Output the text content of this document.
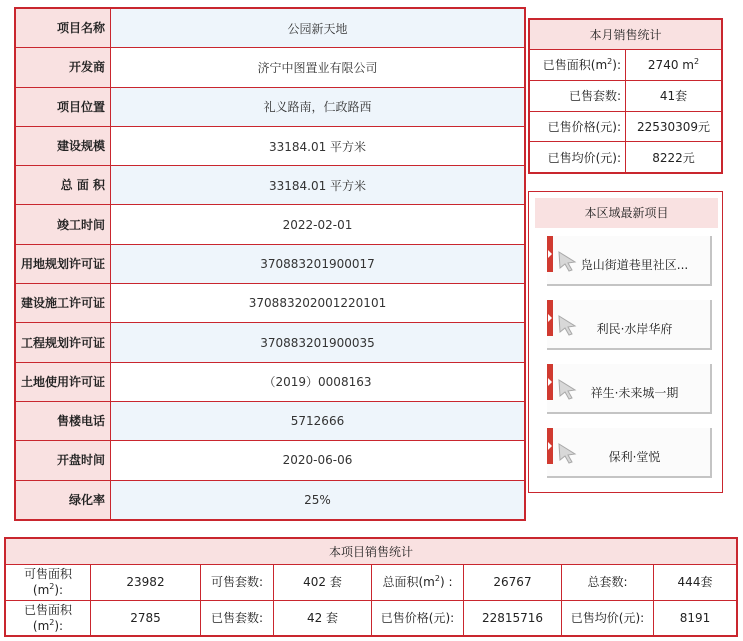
项目名称	公园新天地
开发商	济宁中图置业有限公司
项目位置	礼义路南，仁政路西
建设规模	33184.01 平方米
总 面 积	33184.01 平方米
竣工时间	2022-02-01
用地规划许可证	370883201900017
建设施工许可证	370883202001220101
工程规划许可证	370883201900035
土地使用许可证	（2019）0008163
售楼电话	5712666
开盘时间	2020-06-06
绿化率	25%
本月销售统计	
已售面积$(m^2)$:	2740 $m^2$
已售套数:	41套
已售价格(元):	22530309元
已售均价(元):	8222元
本区域最新项目
凫山街道巷里社区...
利民·水岸华府
祥生·未来城一期
保利·堂悦
本项目销售统计							
可售面积
$(m^2)$:	23982	可售套数:	402 套	总面积$(m^2)$ :	26767	总套数:	444套
已售面积
$(m^2)$:	2785	已售套数:	42 套	已售价格(元):	22815716	已售均价(元):	8191
